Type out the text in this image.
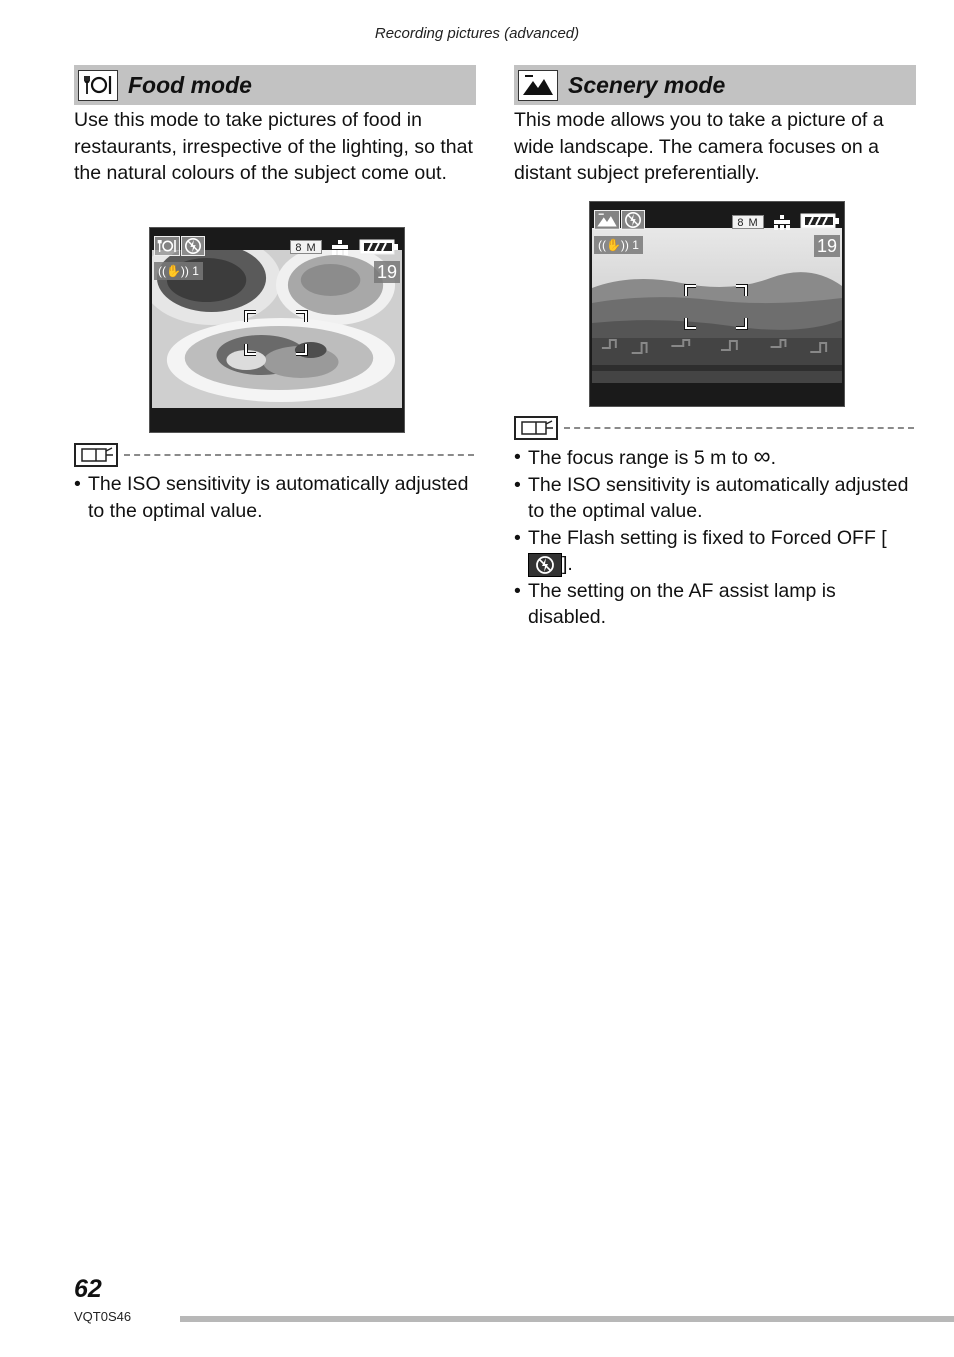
Recording pictures (advanced)
Food mode
Use this mode to take pictures of food in restaurants, irrespective of the lighting, so that the natural colours of the subject come out.
8 M
((✋)) 1	19
• The ISO sensitivity is automatically adjusted to the optimal value.
Scenery mode
This mode allows you to take a picture of a wide landscape. The camera focuses on a distant subject preferentially.
8 M
((✋)) 1	19
• The focus range is 5 m to ∞.
• The ISO sensitivity is automatically adjusted to the optimal value.
• The Flash setting is fixed to Forced OFF [
].
• The setting on the AF assist lamp is disabled.
62
VQT0S46
